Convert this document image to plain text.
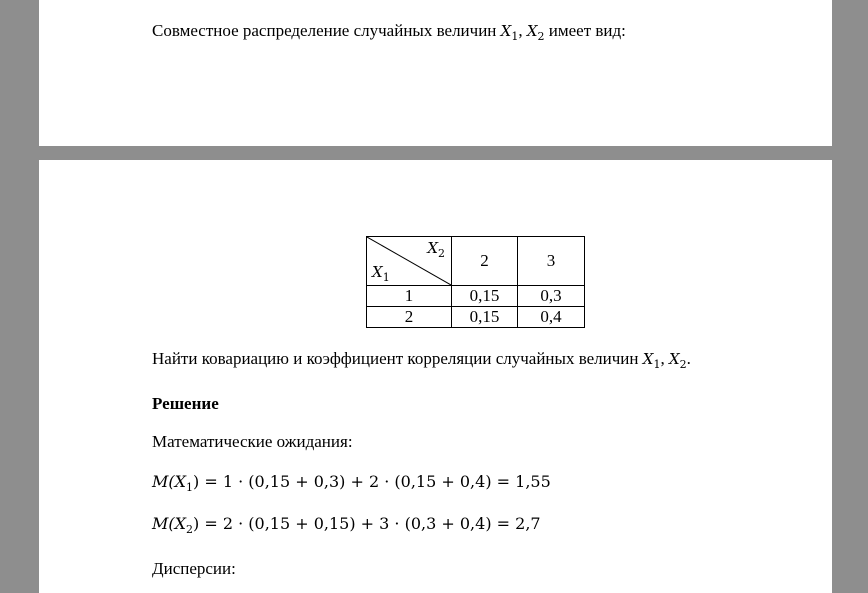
Совместное распределение случайных величин $X_1$, $X_2$ имеет вид:
$X_2$
$X_1$	2	3
1	0,15	0,3
2	0,15	0,4
Найти ковариацию и коэффициент корреляции случайных величин $X_1$, $X_2$.
Решение
Математические ожидания:
$M(X_1) = 1 \cdot (0,15 + 0,3) + 2 \cdot (0,15 + 0,4) = 1,55$
$M(X_2) = 2 \cdot (0,15 + 0,15) + 3 \cdot (0,3 + 0,4) = 2,7$
Дисперсии:
